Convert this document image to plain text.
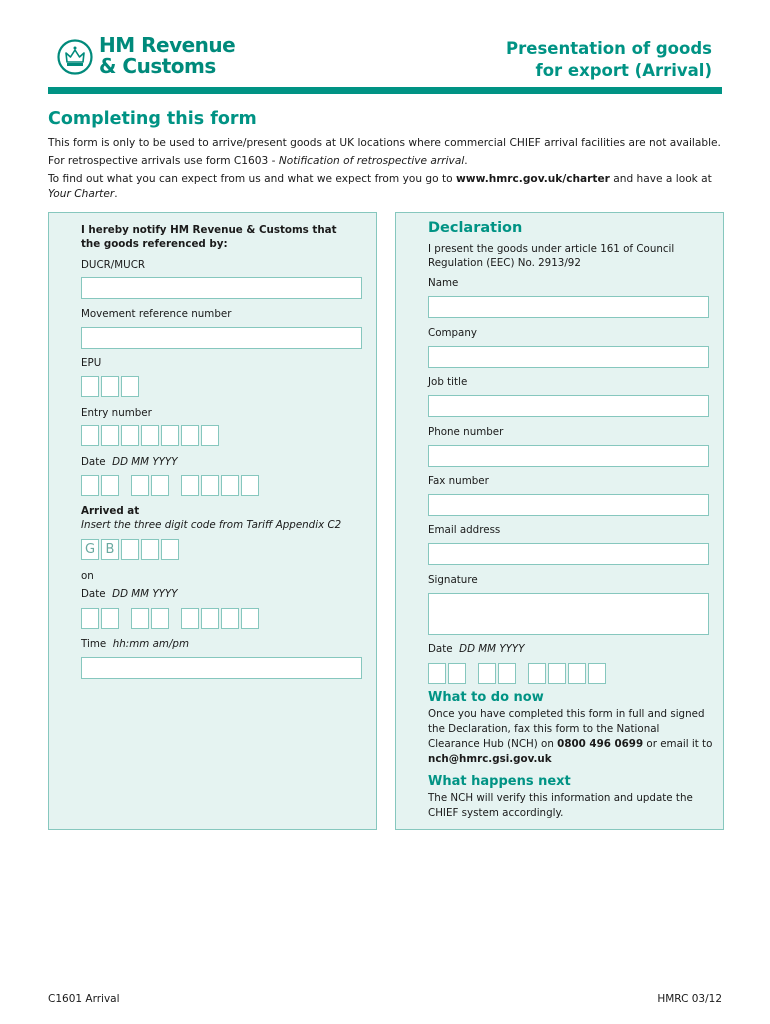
HM Revenue
& Customs
Presentation of goods
for export (Arrival)
Completing this form

This form is only to be used to arrive/present goods at UK locations where commercial CHIEF arrival facilities are not available.

For retrospective arrivals use form C1603 - Notification of retrospective arrival.

To find out what you can expect from us and what we expect from you go to www.hmrc.gov.uk/charter and have a look at
Your Charter.

I hereby notify HM Revenue & Customs that the goods referenced by:
DUCR/MUCR
Movement reference number
EPU
Entry number
Date DD MM YYYY
Arrived at
Insert the three digit code from Tariff Appendix C2
G B
on
Date DD MM YYYY
Time hh:mm am/pm
Declaration
I present the goods under article 161 of Council Regulation (EEC) No. 2913/92
Name
Company
Job title
Phone number
Fax number
Email address
Signature
Date DD MM YYYY
What to do now
Once you have completed this form in full and signed the Declaration, fax this form to the National Clearance Hub (NCH) on 0800 496 0699 or email it to nch@hmrc.gsi.gov.uk
What happens next
The NCH will verify this information and update the CHIEF system accordingly.
C1601 Arrival	HMRC 03/12
